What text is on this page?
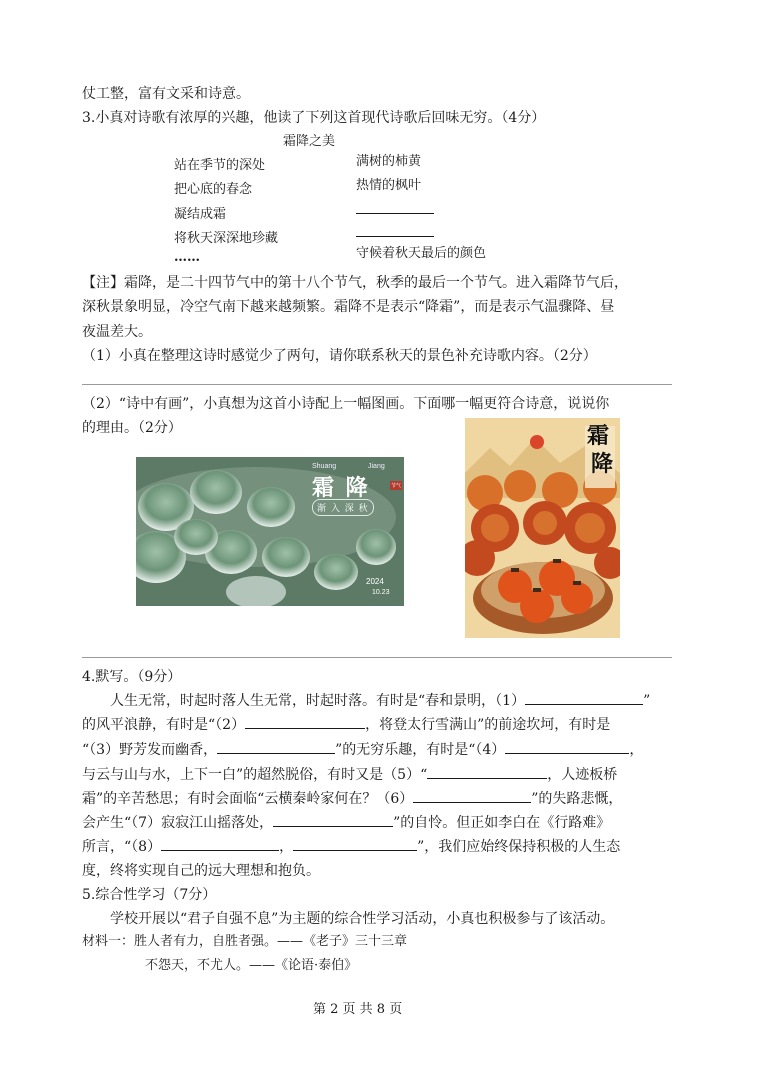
仗工整，富有文采和诗意。
3.小真对诗歌有浓厚的兴趣，他读了下列这首现代诗歌后回味无穷。（4分）
霜降之美
站在季节的深处
把心底的春念
凝结成霜
将秋天深深地珍藏
……
满树的柿黄
热情的枫叶
守候着秋天最后的颜色
【注】霜降，是二十四节气中的第十八个节气，秋季的最后一个节气。进入霜降节气后，
深秋景象明显，冷空气南下越来越频繁。霜降不是表示“降霜”，而是表示气温骤降、昼
夜温差大。
（1）小真在整理这诗时感觉少了两句，请你联系秋天的景色补充诗歌内容。（2分）
（2）“诗中有画”，小真想为这首小诗配上一幅图画。下面哪一幅更符合诗意，说说你
的理由。（2分）
Shuang	Jiang
霜 降	节气
渐 入 深 秋
2024
10.23
霜
降
4.默写。（9分）
人生无常，时起时落人生无常，时起时落。有时是“春和景明，（1）	”
的风平浪静，有时是“（2）	，将登太行雪满山”的前途坎坷，有时是
“（3）野芳发而幽香，	”的无穷乐趣，有时是“（4）	，
与云与山与水，上下一白”的超然脱俗，有时又是（5）“	，人迹板桥
霜”的辛苦愁思；有时会面临“云横秦岭家何在？（6）	”的失路悲慨，
会产生“（7）寂寂江山摇落处，	”的自怜。但正如李白在《行路难》
所言，“（8）	，	”，我们应始终保持积极的人生态
度，终将实现自己的远大理想和抱负。
5.综合性学习（7分）
学校开展以“君子自强不息”为主题的综合性学习活动，小真也积极参与了该活动。
材料一：胜人者有力，自胜者强。——《老子》三十三章
不怨天，不尤人。——《论语·泰伯》
第 2 页 共 8 页
